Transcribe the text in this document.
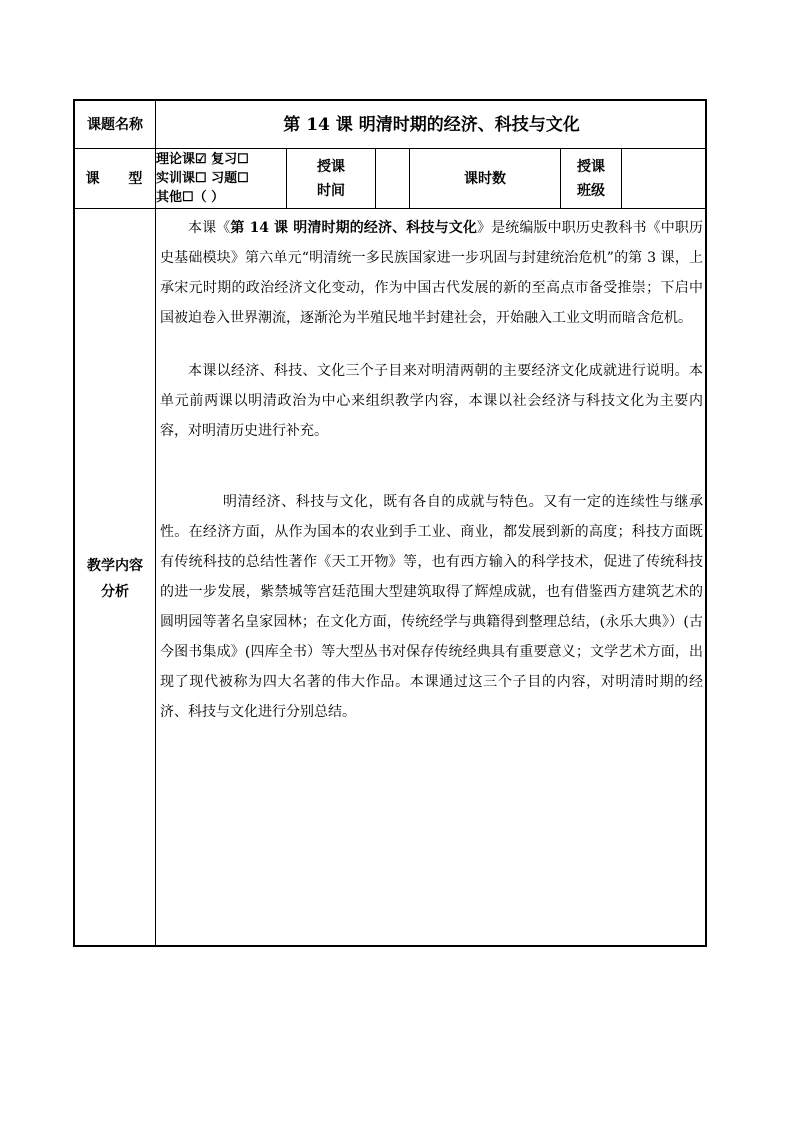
课题名称	第 14 课 明清时期的经济、科技与文化
课 型
理论课☑ 复习☐
实训课☐ 习题☐
其他☐（ ）
授课
时间
课时数
授课
班级
教学内容
分析

本课《第 14 课 明清时期的经济、科技与文化》是统编版中职历史教科书《中职历史基础模块》第六单元“明清统一多民族国家进一步巩固与封建统治危机”的第 3 课，上承宋元时期的政治经济文化变动，作为中国古代发展的新的至高点市备受推崇；下启中国被迫卷入世界潮流，逐渐沦为半殖民地半封建社会，开始融入工业文明而暗含危机。

本课以经济、科技、文化三个子目来对明清两朝的主要经济文化成就进行说明。本单元前两课以明清政治为中心来组织教学内容，本课以社会经济与科技文化为主要内容，对明清历史进行补充。

明清经济、科技与文化，既有各自的成就与特色。又有一定的连续性与继承性。在经济方面，从作为国本的农业到手工业、商业，都发展到新的高度；科技方面既有传统科技的总结性著作《天工开物》等，也有西方输入的科学技术，促进了传统科技的进一步发展，紫禁城等宫廷范围大型建筑取得了辉煌成就，也有借鉴西方建筑艺术的圆明园等著名皇家园林；在文化方面，传统经学与典籍得到整理总结，(永乐大典》）(古今图书集成》(四库全书）等大型丛书对保存传统经典具有重要意义；文学艺术方面，出现了现代被称为四大名著的伟大作品。本课通过这三个子目的内容，对明清时期的经济、科技与文化进行分别总结。
